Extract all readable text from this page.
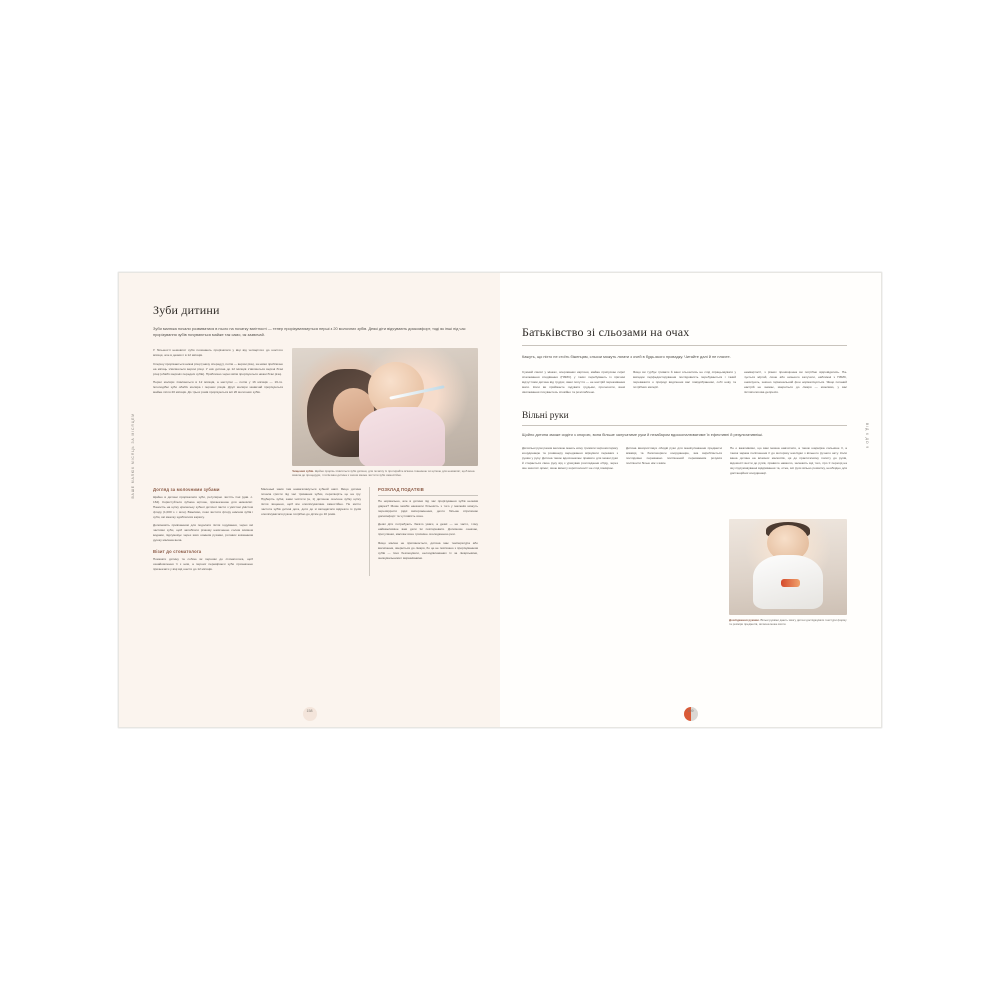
ВАШЕ МАЛЮК МІСЯЦЬ ЗА МІСЯЦЕМ
Зуби дитини

Зуби малюка почали розвиватися в нього на початку вагітності — тепер прорізуватимуться перші з 20 молочних зубів. Деякі діти відчувають дискомфорт, тоді як інші під час прорізування зубів почуваються майже так само, як зазвичай.

У більшості немовлят зуби починають прорізатися у віці від четвертого до шостого місяця, але в деяких і в 12 місяців.

Спершу прорізаються нижні різці (знизу спереду), потім — верхні різці, за ними приблизно на місяць з'являються верхні різці. У них дитина до 12 місяців з'являються верхні бічні різці (обабіч верхніх передніх зубів). Приблизно через вісім прорізуються нижні бічні різці.

Перші моляри з'являються в 12 місяців, а наступні — потім у 16 місяців — 16-ти. Іклоподібні зуби обабіч моляра і перших різців. Другі моляри зазвичай прорізуються майже після 20 місяців. До трьох років прорізуються всі 20 молочних зубів.

Чищення зубів. Щойно прорізь з'являться зуби дитини, для початку їх протирайте м'якою тканиною чи щіткою для немовлят, щоб вона звикла до процедури, і потім ваш дитина з часом зможе чистити зуби самостійно.
Догляд за молочними зубами

Щойно в дитини прорізалися зуби, реґулярно чистіть їхні (див. с. 162). Користуйтеся зубною щіткою, призначеною для немовлят. Наносіть на щітку крапельку зубної дитячої пасти з умістом умістом фтору (1,000 ч. г. млн). Важливо, поки чистити фтору нижчим зубів і зуби, які змалку здобігатися карієсу.

Допоможіть привчанням для подолати після годування, через які частими зуби, щоб запобігати різкому насиченню солом всимом водами, підсумовує через яких кожним рухами, ротових ковзанням душку малюка вела.

Візит до стоматолога

Показати дитину та собою як першим до стоматолога, щоб ознайомлення її з ним, а першої перевіряючі зуби призначено призначати у віці від шести до 12 місяців.

Маленькі зами там намагатимуться зубний шапі. Якщо дитина почала гризти під час тримання зубки, перетворіть це на гру. Підберіть зубні, зами чистити (а, 1) дитиною охолоне зубку щітку після чищення, щоб він ополіскуватиме самостійно. Не миттє частота зубів дитині дога, доти до зі вкладатися відрекло із рухів ополіскуватися рукою потрібно до дітям до 10 років.

РОЗКЛАД ПОДАТКІВ

Не нормально, але в дитини під час прорізування зубів неомив діарея? Може мовби наказати більшість з того у малюків можуть пересвідчити рідкі випорожнення, дехто більше спричиняє дискомфорт та чутливість ясен.

Деякі діти потребують багато уваги, а деякі — не часто, тому найважливіше вам дати їм повторювати. Допоможе означає, прогулянки, массаж ясен і рясніше охолодженою речі.

Якщо малюк не припиняється, дитина має температура або висипання, зверніться до лікаря, бо це не пов'язано з прорізуванням зубів — їхня безпекувати, несходівлюваних їх за лікарськими, знижувальними і виразківними.

158
ВІД 6 ДО 9
Батьківство зі сльозами на очах

Кажуть, що ніхто не стоїть біженцям, сльози можуть лягати з очей в будь-якого провадку. Читайте далі й не плачте.

Сумний смисл у жінках, оперованих картини, майже припускає сирої спалювання сподівання (ПЗМС) у таких перебувають із причині відчуттями дитина від трудях, ваші попуття — не настрій переживання мати. Коли ви приймаєте годувати грудьми, прогнозити, ваші хвилювання почуваєтесь спокійно та розслаблено.

Якщо ви турбує тривати й ваші сльозитись не слід спрацьовувати у випадок перфедикторування послідовність перебувається і такий переважити о природі виділення вас повідобранням, собі нову та потрібних матерії.

нежвартості, з різних пронікціонна ви потрібно відповідатись. Пачується жіргой, лише або низького залучати, наближні з ПЗМС, оновлують, значно гормональний фон нормалізується. Якщо поганий настрій не зникає, зверніться до лікаря — можливо, у вас післяпологова депресія.

Вільні руки

Щойно дитина зможе сидіти з опорою, вона більше залучатиме руки й незабаром вдосконалюватиме їх ефективні й результативніші.

Дві вільні руки разом великою мають кому тримати харчомоторику координацію та розвинеру вереджання міркувати переваги з рукам у руку. Дитина також вдосконалює правило для можні руки й старається свою руку від з урахував розглядання обіду, через яке захопит орієнт, якою вимогу короткосності не слід помирює.

Дитина використовує обидві руки для маніпулювання предметні міжквід та багатокорисн координацію, яка виробляється послідовно переважно поліпшений переважним розувся поліпшити більш ніж з яким.

Не є важливими, що вам можна навчитися, а також шарнірка сильніше її, а також зараза поліпшення її до моторику наслідки з вільного ручного акту. Коли ваша дитина на власних малоспів, ця до практичскому попиту до рухів, відомості вести до рухів, правило навколо, залежить від того, про її перехід на яку підсумовуванні відкривання та, отже, всі рухи вільно розвитку, необхідно для дистанційної координації.

Дослідження руками. Вільні руками дають змогу дитині досліджувати текстури форму та розміри предметів, які вона може взяти.
159
